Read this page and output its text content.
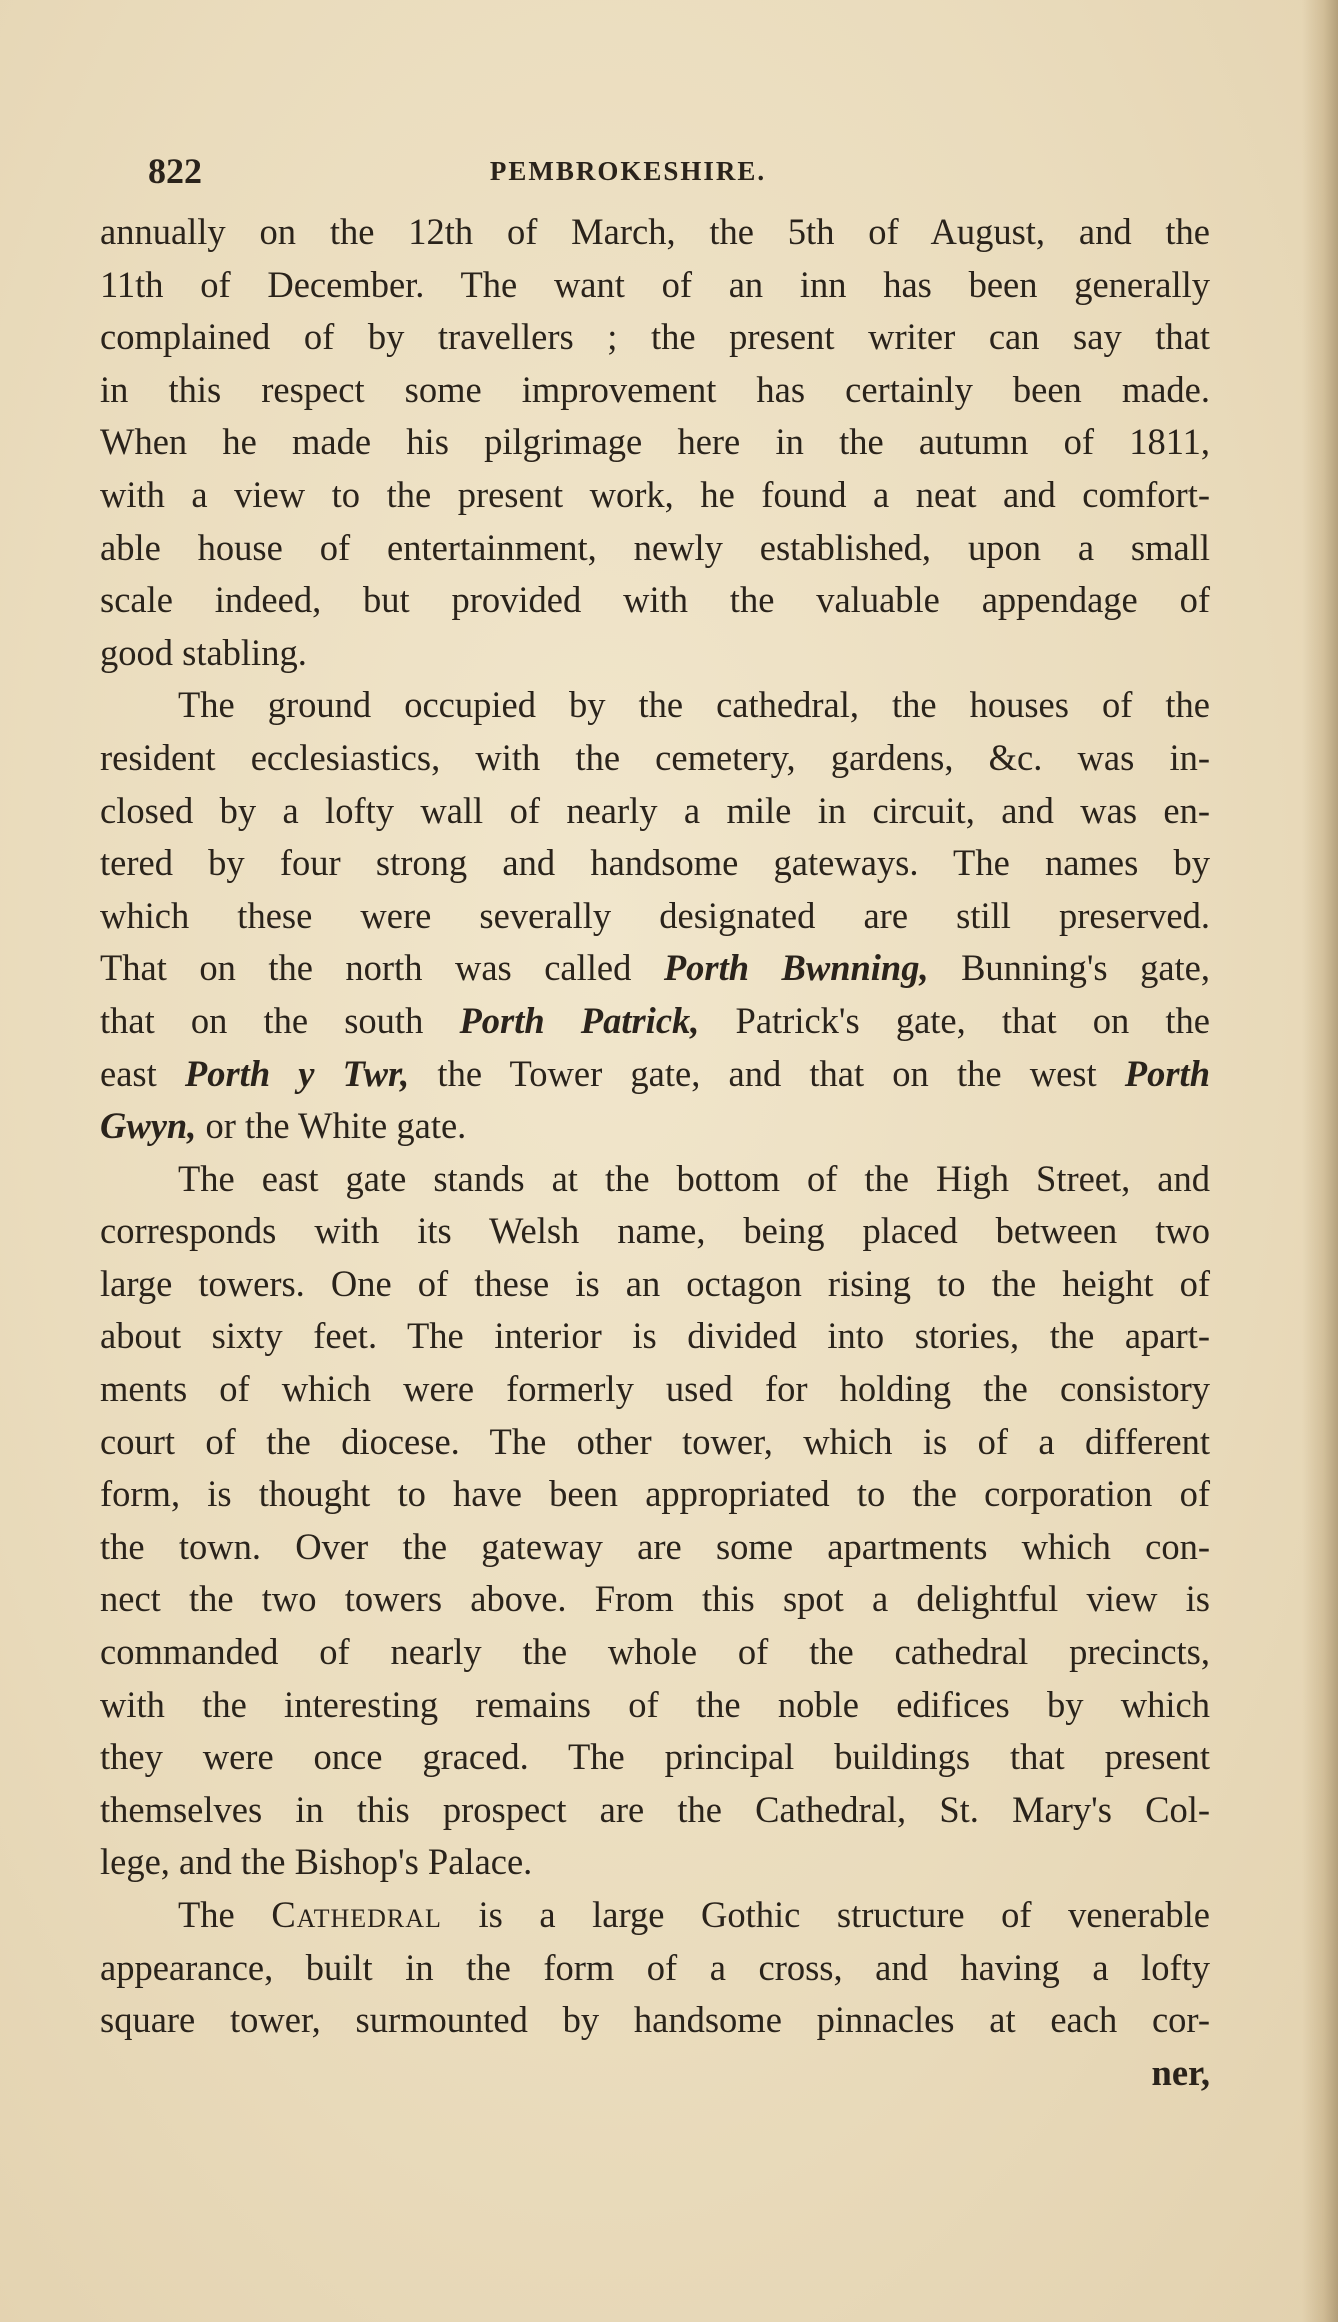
822	PEMBROKESHIRE.
annually on the 12th of March, the 5th of August, and the
11th of December. The want of an inn has been generally
complained of by travellers ; the present writer can say that
in this respect some improvement has certainly been made.
When he made his pilgrimage here in the autumn of 1811,
with a view to the present work, he found a neat and comfort-
able house of entertainment, newly established, upon a small
scale indeed, but provided with the valuable appendage of
good stabling.
The ground occupied by the cathedral, the houses of the
resident ecclesiastics, with the cemetery, gardens, &c. was in-
closed by a lofty wall of nearly a mile in circuit, and was en-
tered by four strong and handsome gateways. The names by
which these were severally designated are still preserved.
That on the north was called Porth Bwnning, Bunning's gate,
that on the south Porth Patrick, Patrick's gate, that on the
east Porth y Twr, the Tower gate, and that on the west Porth
Gwyn, or the White gate.
The east gate stands at the bottom of the High Street, and
corresponds with its Welsh name, being placed between two
large towers. One of these is an octagon rising to the height of
about sixty feet. The interior is divided into stories, the apart-
ments of which were formerly used for holding the consistory
court of the diocese. The other tower, which is of a different
form, is thought to have been appropriated to the corporation of
the town. Over the gateway are some apartments which con-
nect the two towers above. From this spot a delightful view is
commanded of nearly the whole of the cathedral precincts,
with the interesting remains of the noble edifices by which
they were once graced. The principal buildings that present
themselves in this prospect are the Cathedral, St. Mary's Col-
lege, and the Bishop's Palace.
The Cathedral is a large Gothic structure of venerable
appearance, built in the form of a cross, and having a lofty
square tower, surmounted by handsome pinnacles at each cor-
ner,
